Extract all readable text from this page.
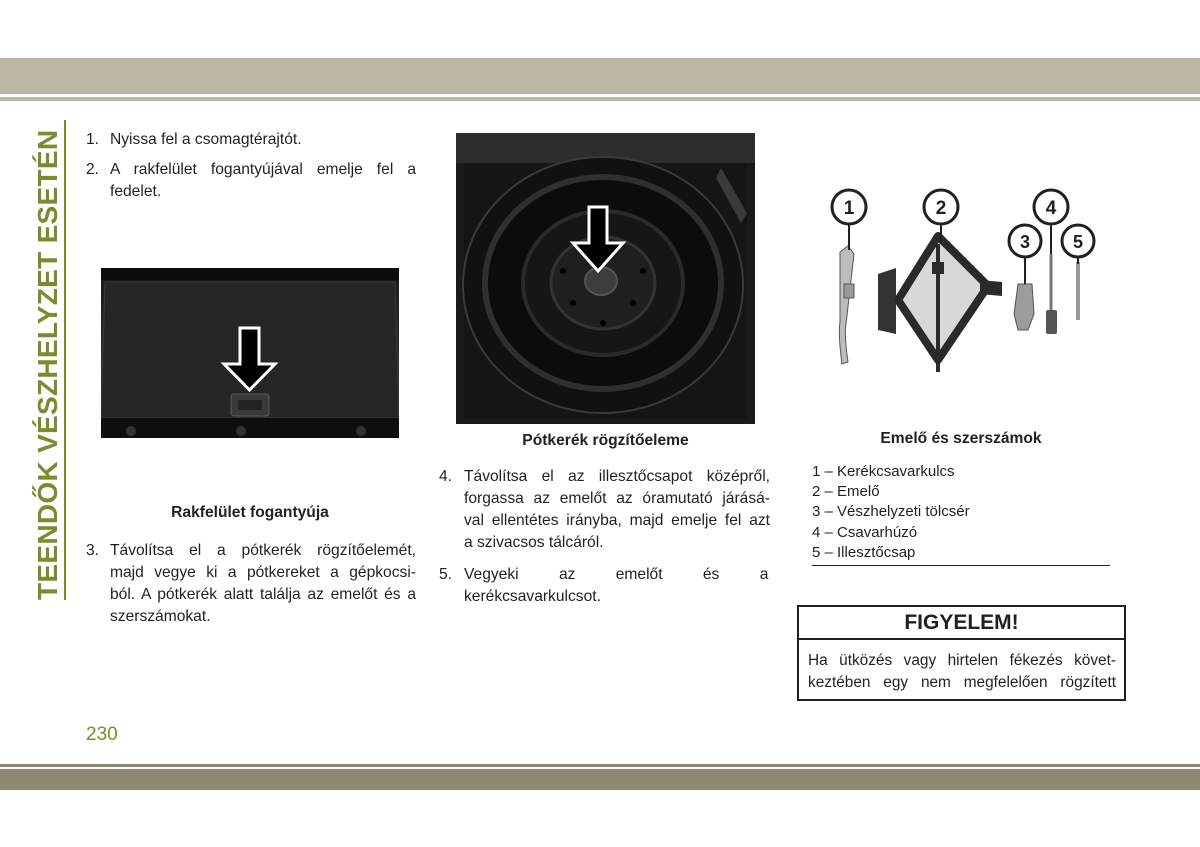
TEENDŐK VÉSZHELYZET ESETÉN 1. Nyissa fel a csomagtérajtót.
2. A rakfelület fogantyújával emelje fel a
fedelet.
Rakfelület fogantyúja
3. Távolítsa el a pótkerék rögzítőelemét,
majd vegye ki a pótkereket a gépkocsi-
ból. A pótkerék alatt találja az emelőt és a
szerszámokat.
Pótkerék rögzítőeleme
4. Távolítsa el az illesztőcsapot középről,
forgassa az emelőt az óramutató járásá-
val ellentétes irányba, majd emelje fel azt
a szivacsos tálcáról.
5. Vegyeki az emelőt és a
kerékcsavarkulcsot.
1	2
3
4
5
Emelő és szerszámok
1 – Kerékcsavarkulcs
2 – Emelő
3 – Vészhelyzeti tölcsér
4 – Csavarhúzó
5 – Illesztőcsap
FIGYELEM!
Ha ütközés vagy hirtelen fékezés követ-
keztében egy nem megfelelően rögzített
230
